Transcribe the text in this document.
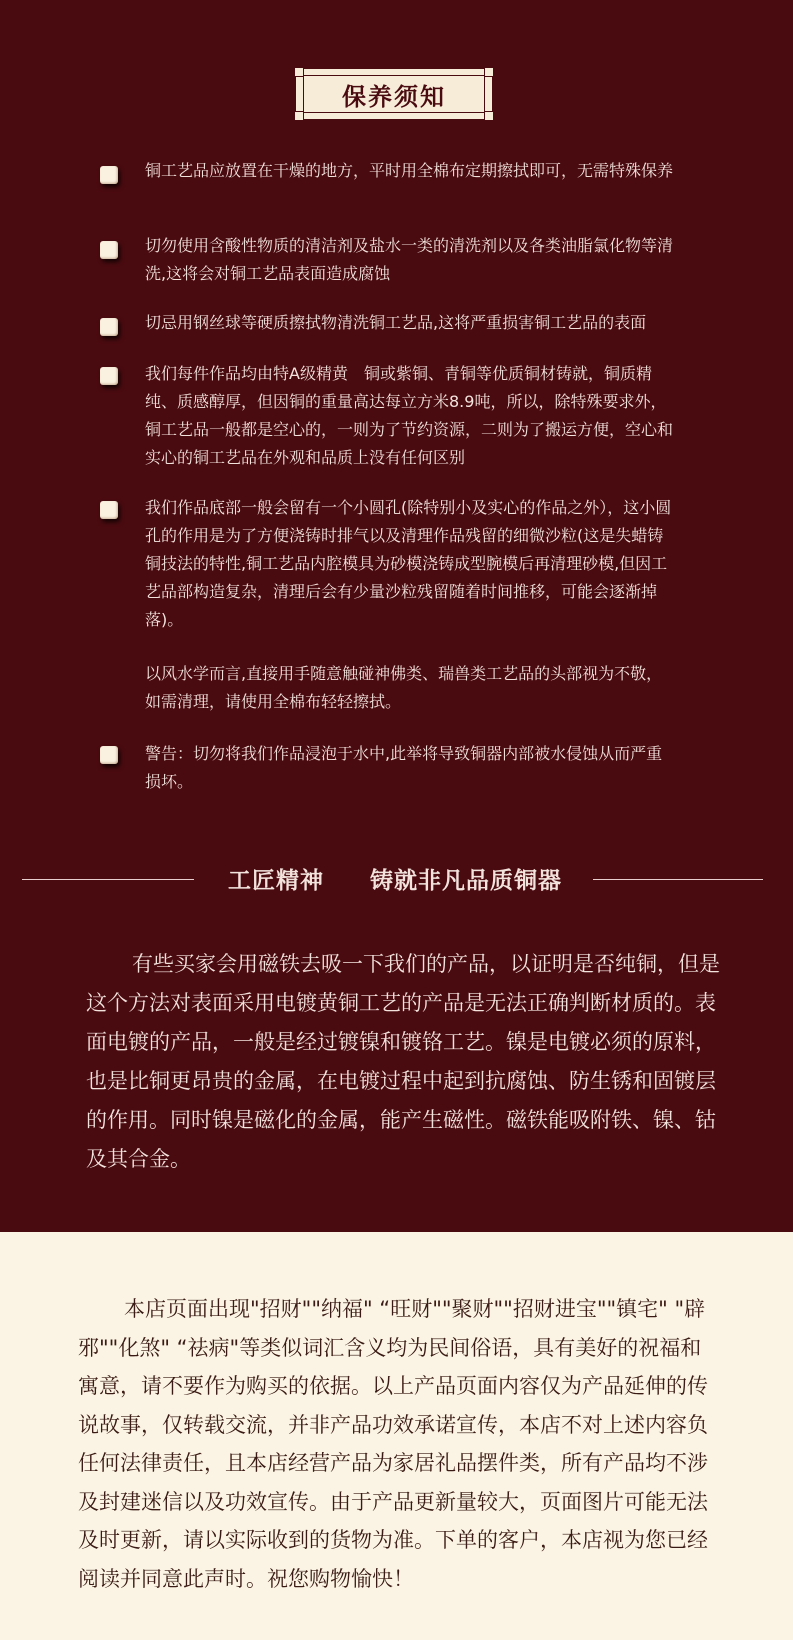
保养须知
铜工艺品应放置在干燥的地方，平时用全棉布定期擦拭即可，无需特殊保养
切勿使用含酸性物质的清洁剂及盐水一类的清洗剂以及各类油脂氯化物等清洗,这将会对铜工艺品表面造成腐蚀
切忌用钢丝球等硬质擦拭物清洗铜工艺品,这将严重损害铜工艺品的表面
我们每件作品均由特A级精黄　铜或紫铜、青铜等优质铜材铸就，铜质精纯、质感醇厚，但因铜的重量高达每立方米8.9吨，所以，除特殊要求外，铜工艺品一般都是空心的，一则为了节约资源，二则为了搬运方便，空心和实心的铜工艺品在外观和品质上没有任何区别
我们作品底部一般会留有一个小圆孔(除特别小及实心的作品之外），这小圆孔的作用是为了方便浇铸时排气以及清理作品残留的细微沙粒(这是失蜡铸铜技法的特性,铜工艺品内腔模具为砂模浇铸成型腕模后再清理砂模,但因工艺品部构造复杂，清理后会有少量沙粒残留随着时间推移，可能会逐渐掉落)。
以风水学而言,直接用手随意触碰神佛类、瑞兽类工艺品的头部视为不敬，如需清理，请使用全棉布轻轻擦拭。
警告：切勿将我们作品浸泡于水中,此举将导致铜器内部被水侵蚀从而严重损坏。
工匠精神 铸就非凡品质铜器
有些买家会用磁铁去吸一下我们的产品，以证明是否纯铜，但是这个方法对表面采用电镀黄铜工艺的产品是无法正确判断材质的。表面电镀的产品，一般是经过镀镍和镀铬工艺。镍是电镀必须的原料，也是比铜更昂贵的金属，在电镀过程中起到抗腐蚀、防生锈和固镀层的作用。同时镍是磁化的金属，能产生磁性。磁铁能吸附铁、镍、钴及其合金。
本店页面出现"招财""纳福" “旺财""聚财""招财进宝""镇宅" "辟邪""化煞" “祛病"等类似词汇含义均为民间俗语，具有美好的祝福和寓意，请不要作为购买的依据。以上产品页面内容仅为产品延伸的传说故事，仅转载交流，并非产品功效承诺宣传，本店不对上述内容负任何法律责任，且本店经营产品为家居礼品摆件类，所有产品均不涉及封建迷信以及功效宣传。由于产品更新量较大，页面图片可能无法及时更新，请以实际收到的货物为准。下单的客户，本店视为您已经阅读并同意此声时。祝您购物愉快！
